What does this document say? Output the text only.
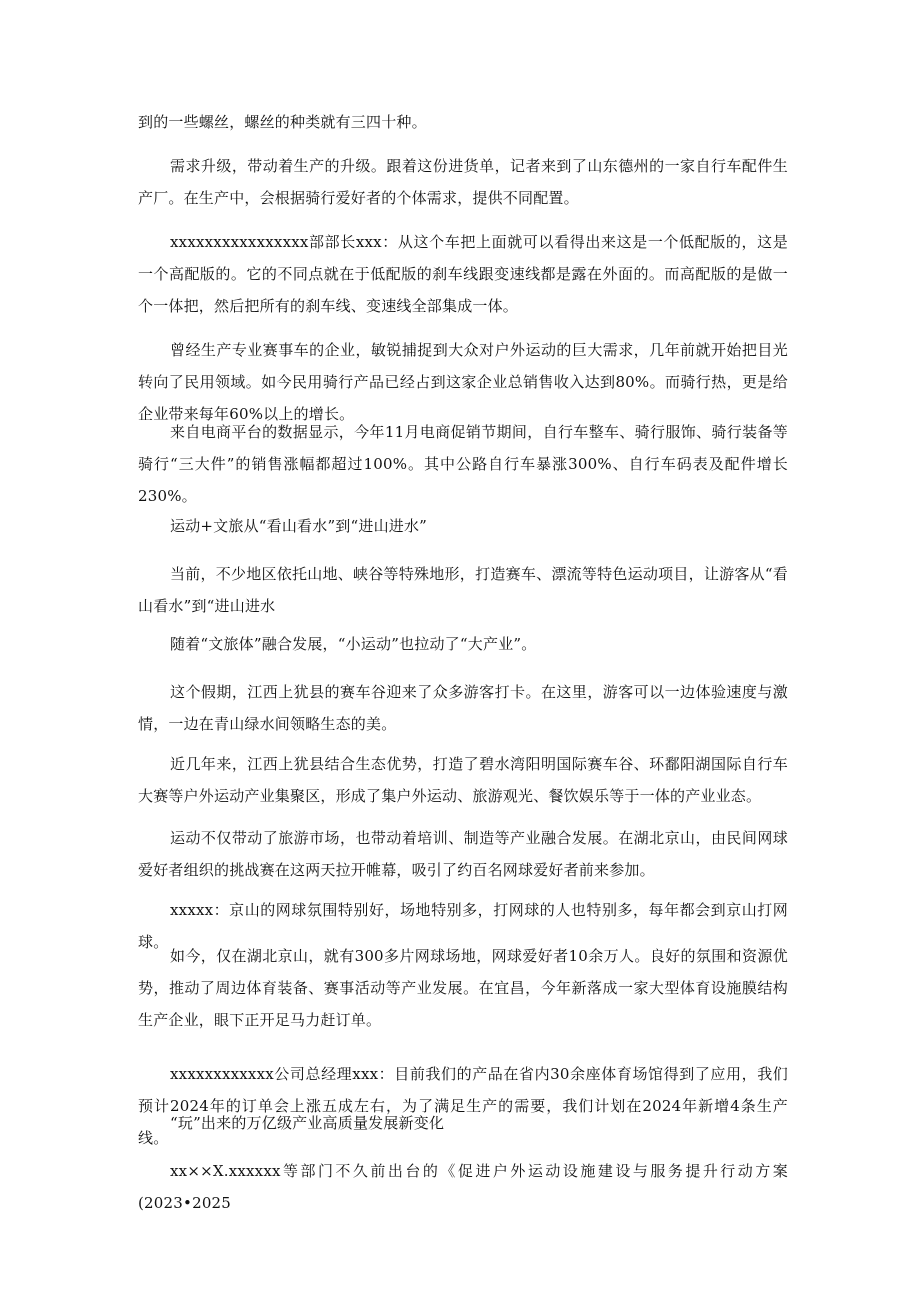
到的一些螺丝，螺丝的种类就有三四十种。

需求升级，带动着生产的升级。跟着这份进货单，记者来到了山东德州的一家自行车配件生产厂。在生产中，会根据骑行爱好者的个体需求，提供不同配置。

xxxxxxxxxxxxxxxx部部长xxx：从这个车把上面就可以看得出来这是一个低配版的，这是一个高配版的。它的不同点就在于低配版的刹车线跟变速线都是露在外面的。而高配版的是做一个一体把，然后把所有的刹车线、变速线全部集成一体。

曾经生产专业赛事车的企业，敏锐捕捉到大众对户外运动的巨大需求，几年前就开始把目光转向了民用领域。如今民用骑行产品已经占到这家企业总销售收入达到80%。而骑行热，更是给企业带来每年60%以上的增长。

来自电商平台的数据显示，今年11月电商促销节期间，自行车整车、骑行服饰、骑行装备等骑行“三大件”的销售涨幅都超过100%。其中公路自行车暴涨300%、自行车码表及配件增长230%。

运动+文旅从“看山看水”到“进山进水”

当前，不少地区依托山地、峡谷等特殊地形，打造赛车、漂流等特色运动项目，让游客从“看山看水”到“进山进水

随着“文旅体”融合发展，“小运动”也拉动了“大产业”。

这个假期，江西上犹县的赛车谷迎来了众多游客打卡。在这里，游客可以一边体验速度与激情，一边在青山绿水间领略生态的美。

近几年来，江西上犹县结合生态优势，打造了碧水湾阳明国际赛车谷、环鄱阳湖国际自行车大赛等户外运动产业集聚区，形成了集户外运动、旅游观光、餐饮娱乐等于一体的产业业态。

运动不仅带动了旅游市场，也带动着培训、制造等产业融合发展。在湖北京山，由民间网球爱好者组织的挑战赛在这两天拉开帷幕，吸引了约百名网球爱好者前来参加。

xxxxx：京山的网球氛围特别好，场地特别多，打网球的人也特别多，每年都会到京山打网球。

如今，仅在湖北京山，就有300多片网球场地，网球爱好者10余万人。良好的氛围和资源优势，推动了周边体育装备、赛事活动等产业发展。在宜昌，今年新落成一家大型体育设施膜结构生产企业，眼下正开足马力赶订单。

xxxxxxxxxxxx公司总经理xxx：目前我们的产品在省内30余座体育场馆得到了应用，我们预计2024年的订单会上涨五成左右，为了满足生产的需要，我们计划在2024年新增4条生产线。

“玩”出来的万亿级产业高质量发展新变化

xx××X.xxxxxx等部门不久前出台的《促进户外运动设施建设与服务提升行动方案(2023•2025
